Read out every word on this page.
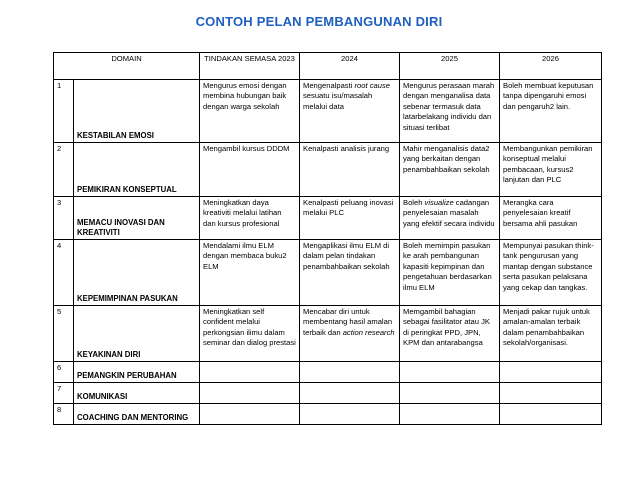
CONTOH PELAN PEMBANGUNAN DIRI
DOMAIN		TINDAKAN SEMASA 2023	2024	2025	2026
1	KESTABILAN EMOSI	Mengurus emosi dengan membina hubungan baik dengan warga sekolah	Mengenalpasti root cause sesuatu isu/masalah melalui data	Mengurus perasaan marah dengan menganalisa data sebenar termasuk data latarbelakang individu dan situasi terlibat	Boleh membuat keputusan tanpa dipengaruhi emosi dan pengaruh2 lain.

2	PEMIKIRAN KONSEPTUAL	Mengambil kursus DDDM	Kenalpasti analisis jurang	Mahir menganalisis data2 yang berkaitan dengan penambahbaikan sekolah	Membangunkan pemikiran konseptual melalui pembacaan, kursus2 lanjutan dan PLC

3	MEMACU INOVASI DAN KREATIVITI	Meningkatkan daya kreativiti melalui latihan dan kursus profesional	Kenalpasti peluang inovasi melalui PLC	Boleh visualize cadangan penyelesaian masalah yang efektif secara individu	Merangka cara penyelesaian kreatif bersama ahli pasukan

4	KEPEMIMPINAN PASUKAN	Mendalami ilmu ELM dengan membaca buku2 ELM	Mengaplikasi ilmu ELM di dalam pelan tindakan penambahbaikan sekolah	Boleh memimpin pasukan ke arah pembangunan kapasiti kepimpinan dan pengetahuan berdasarkan ilmu ELM	Mempunyai pasukan think-tank pengurusan yang mantap dengan substance serta pasukan pelaksana yang cekap dan tangkas.

5	KEYAKINAN DIRI	Meningkatkan self confident melalui perkongsian ilimu dalam seminar dan dialog prestasi	Mencabar diri untuk membentang hasil amalan terbaik dan action research	Memgambil bahagian sebagai fasilitator atau JK di peringkat PPD, JPN, KPM dan antarabangsa	Menjadi pakar rujuk untuk amalan-amalan terbaik dalam penambahbaikan sekolah/organisasi.

6	PEMANGKIN PERUBAHAN				

7	KOMUNIKASI				

8	COACHING DAN MENTORING				
